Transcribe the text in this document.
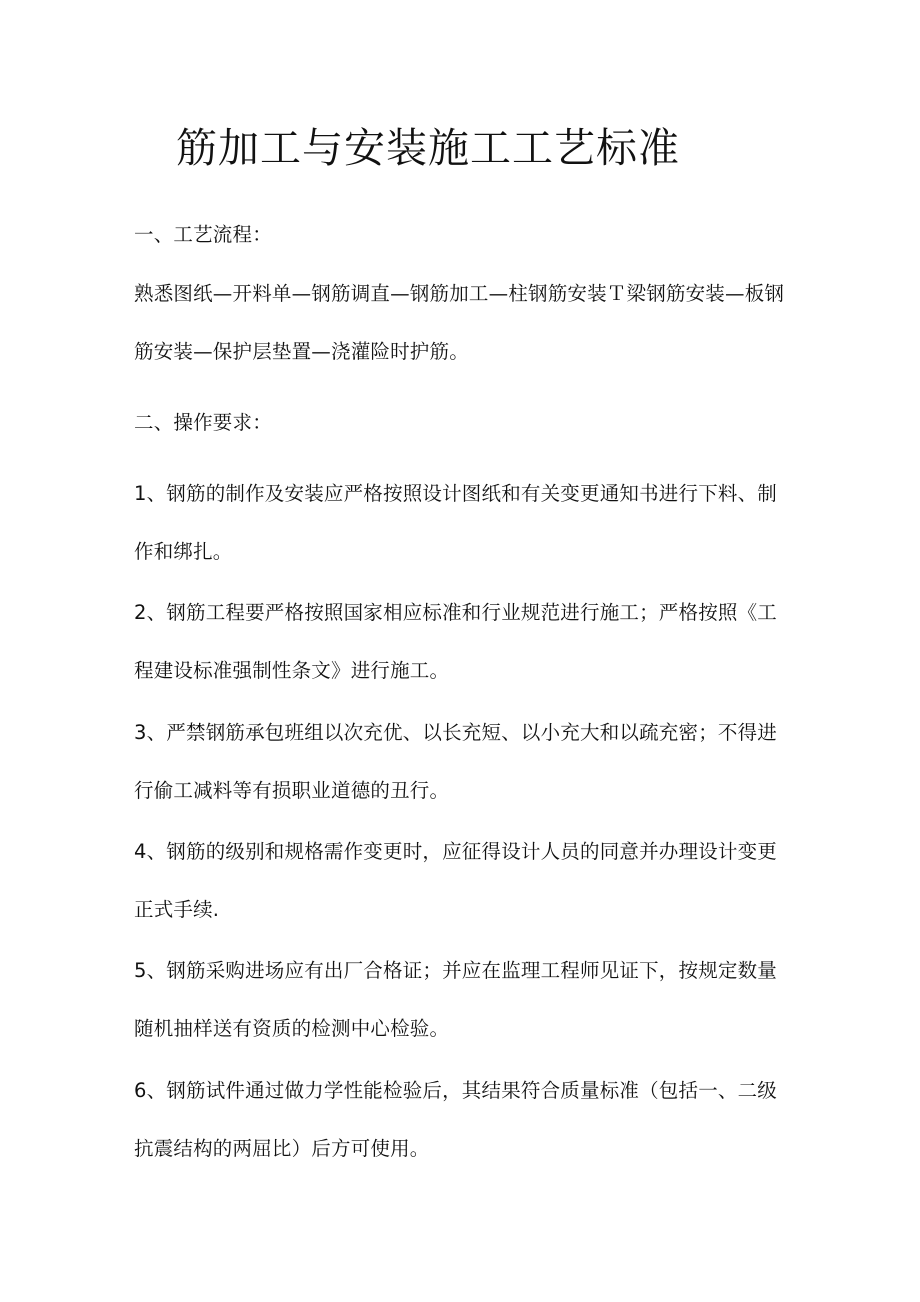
筋加工与安装施工工艺标准

一、工艺流程：

熟悉图纸—开料单—钢筋调直—钢筋加工—柱钢筋安装Ｔ梁钢筋安装—板钢筋安装—保护层垫置—浇灌险时护筋。

二、操作要求：

1、钢筋的制作及安装应严格按照设计图纸和有关变更通知书进行下料、制作和绑扎。

2、钢筋工程要严格按照国家相应标准和行业规范进行施工；严格按照《工程建设标准强制性条文》进行施工。

3、严禁钢筋承包班组以次充优、以长充短、以小充大和以疏充密；不得进行偷工减料等有损职业道德的丑行。

4、钢筋的级别和规格需作变更时，应征得设计人员的同意并办理设计变更正式手续.

5、钢筋采购进场应有出厂合格证；并应在监理工程师见证下，按规定数量随机抽样送有资质的检测中心检验。

6、钢筋试件通过做力学性能检验后，其结果符合质量标准（包括一、二级抗震结构的两屈比）后方可使用。
